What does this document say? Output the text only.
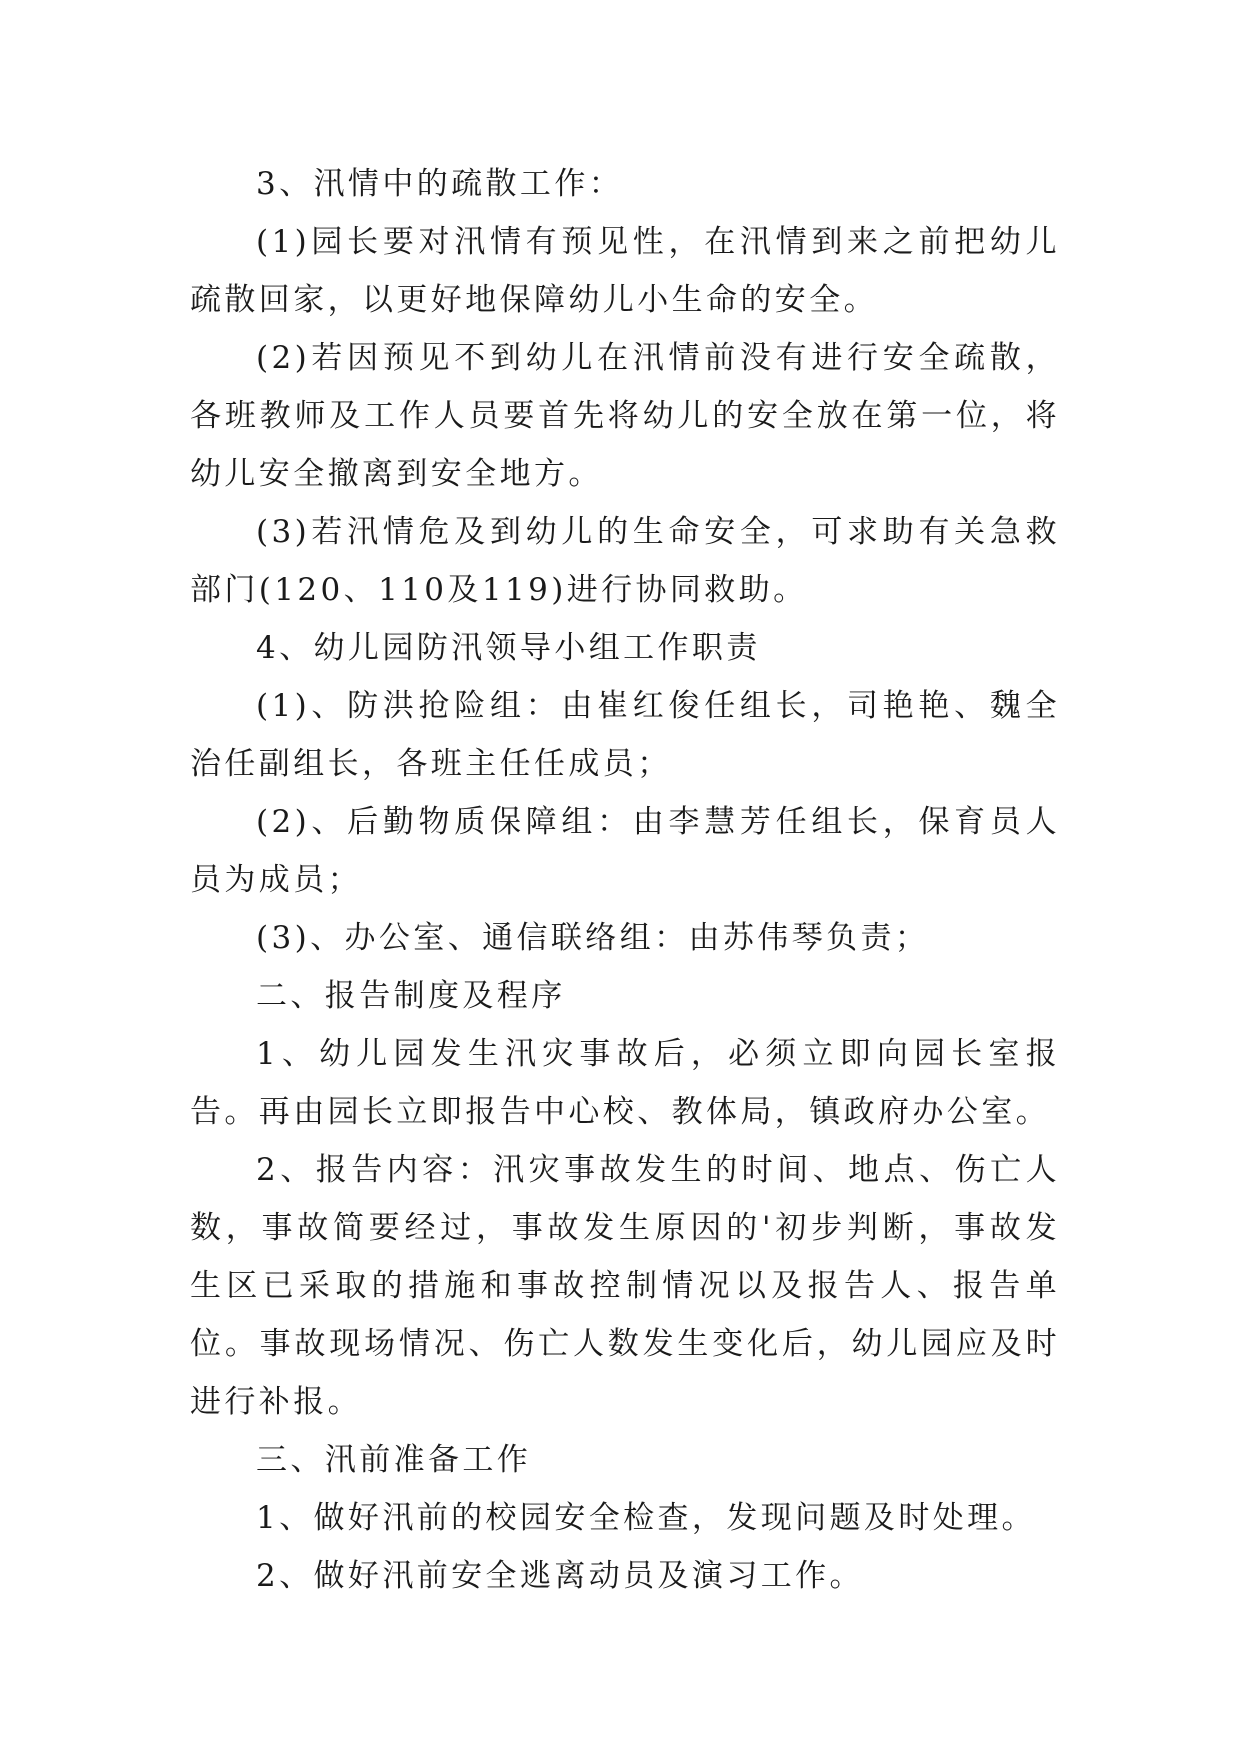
3、汛情中的疏散工作：

(1)园长要对汛情有预见性，在汛情到来之前把幼儿疏散回家，以更好地保障幼儿小生命的安全。

(2)若因预见不到幼儿在汛情前没有进行安全疏散，各班教师及工作人员要首先将幼儿的安全放在第一位，将幼儿安全撤离到安全地方。

(3)若汛情危及到幼儿的生命安全，可求助有关急救部门(120、110及119)进行协同救助。

4、幼儿园防汛领导小组工作职责

(1)、防洪抢险组：由崔红俊任组长，司艳艳、魏全治任副组长，各班主任任成员；

(2)、后勤物质保障组：由李慧芳任组长，保育员人员为成员；

(3)、办公室、通信联络组：由苏伟琴负责；

二、报告制度及程序

1、幼儿园发生汛灾事故后，必须立即向园长室报告。再由园长立即报告中心校、教体局，镇政府办公室。

2、报告内容：汛灾事故发生的时间、地点、伤亡人数，事故简要经过，事故发生原因的'初步判断，事故发生区已采取的措施和事故控制情况以及报告人、报告单位。事故现场情况、伤亡人数发生变化后，幼儿园应及时进行补报。

三、汛前准备工作

1、做好汛前的校园安全检查，发现问题及时处理。

2、做好汛前安全逃离动员及演习工作。
